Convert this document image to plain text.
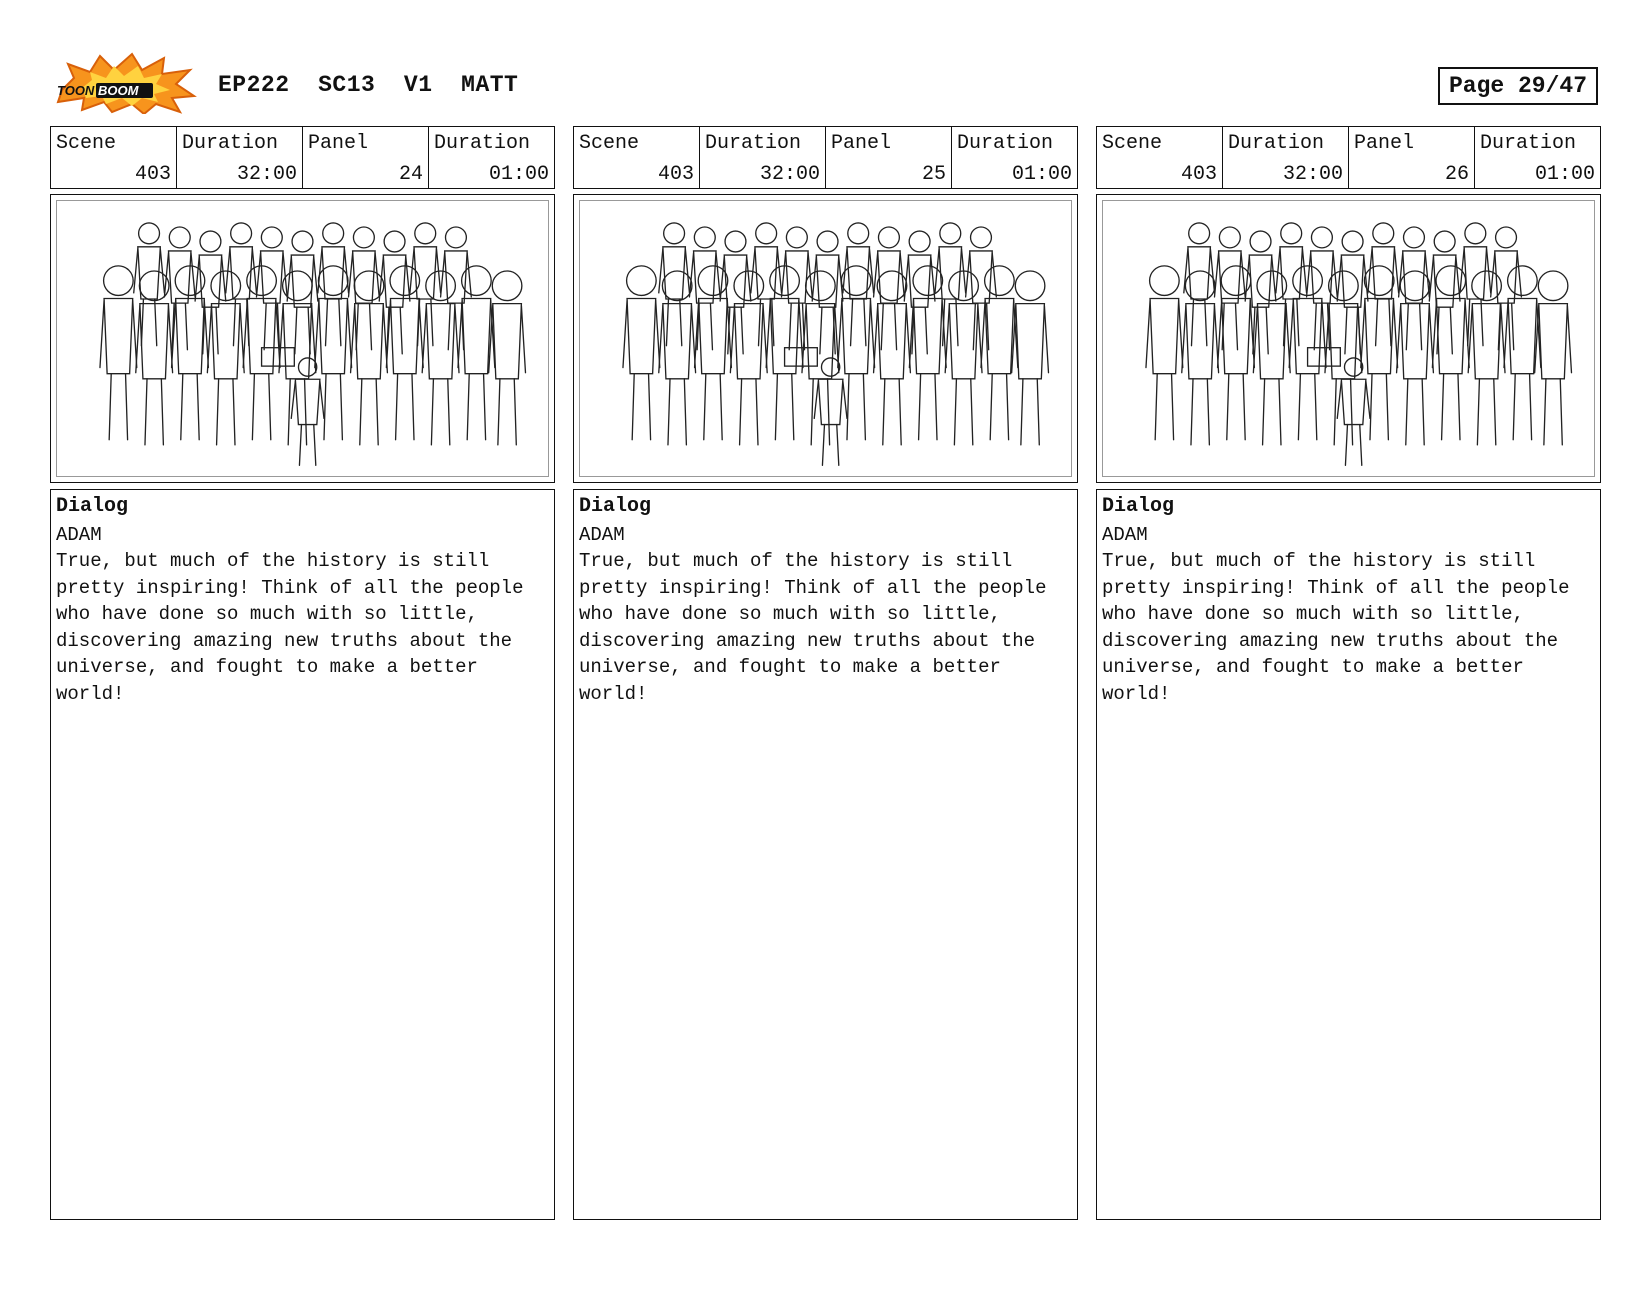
TOON BOOM	EP222  SC13  V1  MATT	Page 29/47
Scene
403
Duration
32:00
Panel
24
Duration
01:00
Dialog
ADAM
True, but much of the history is still pretty inspiring! Think of all the people who have done so much with so little, discovering amazing new truths about the universe, and fought to make a better world!
Scene
403
Duration
32:00
Panel
25
Duration
01:00
Dialog
ADAM
True, but much of the history is still pretty inspiring! Think of all the people who have done so much with so little, discovering amazing new truths about the universe, and fought to make a better world!
Scene
403
Duration
32:00
Panel
26
Duration
01:00
Dialog
ADAM
True, but much of the history is still pretty inspiring! Think of all the people who have done so much with so little, discovering amazing new truths about the universe, and fought to make a better world!
